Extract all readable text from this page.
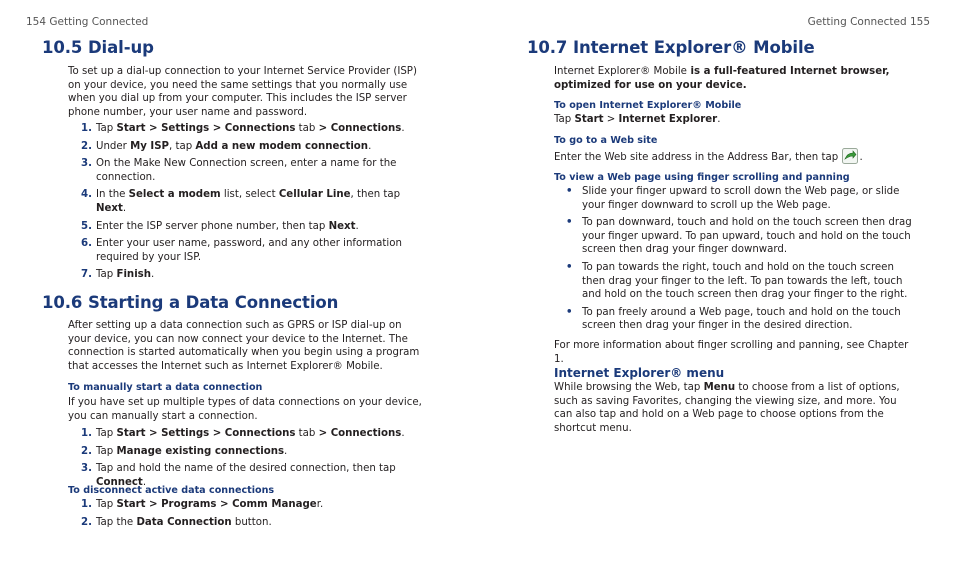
154 Getting Connected
10.5 Dial-up

To set up a dial-up connection to your Internet Service Provider (ISP) on your device, you need the same settings that you normally use when you dial up from your computer. This includes the ISP server phone number, your user name and password.

1. Tap Start > Settings > Connections tab > Connections.
2. Under My ISP, tap Add a new modem connection.
3. On the Make New Connection screen, enter a name for the connection.
4. In the Select a modem list, select Cellular Line, then tap Next.
5. Enter the ISP server phone number, then tap Next.
6. Enter your user name, password, and any other information required by your ISP.
7. Tap Finish.
10.6 Starting a Data Connection

After setting up a data connection such as GPRS or ISP dial-up on your device, you can now connect your device to the Internet. The connection is started automatically when you begin using a program that accesses the Internet such as Internet Explorer® Mobile.

To manually start a data connection

If you have set up multiple types of data connections on your device, you can manually start a connection.

1. Tap Start > Settings > Connections tab > Connections.
2. Tap Manage existing connections.
3. Tap and hold the name of the desired connection, then tap Connect.
To disconnect active data connections
1. Tap Start > Programs > Comm Manager.
2. Tap the Data Connection button.
Getting Connected 155
10.7 Internet Explorer® Mobile

Internet Explorer® Mobile is a full-featured Internet browser, optimized for use on your device.

To open Internet Explorer® Mobile

Tap Start > Internet Explorer.

To go to a Web site

Enter the Web site address in the Address Bar, then tap .

To view a Web page using finger scrolling and panning
• Slide your finger upward to scroll down the Web page, or slide your finger downward to scroll up the Web page.
• To pan downward, touch and hold on the touch screen then drag your finger upward. To pan upward, touch and hold on the touch screen then drag your finger downward.
• To pan towards the right, touch and hold on the touch screen then drag your finger to the left. To pan towards the left, touch and hold on the touch screen then drag your finger to the right.
• To pan freely around a Web page, touch and hold on the touch screen then drag your finger in the desired direction.

For more information about finger scrolling and panning, see Chapter 1.

Internet Explorer® menu

While browsing the Web, tap Menu to choose from a list of options, such as saving Favorites, changing the viewing size, and more. You can also tap and hold on a Web page to choose options from the shortcut menu.
